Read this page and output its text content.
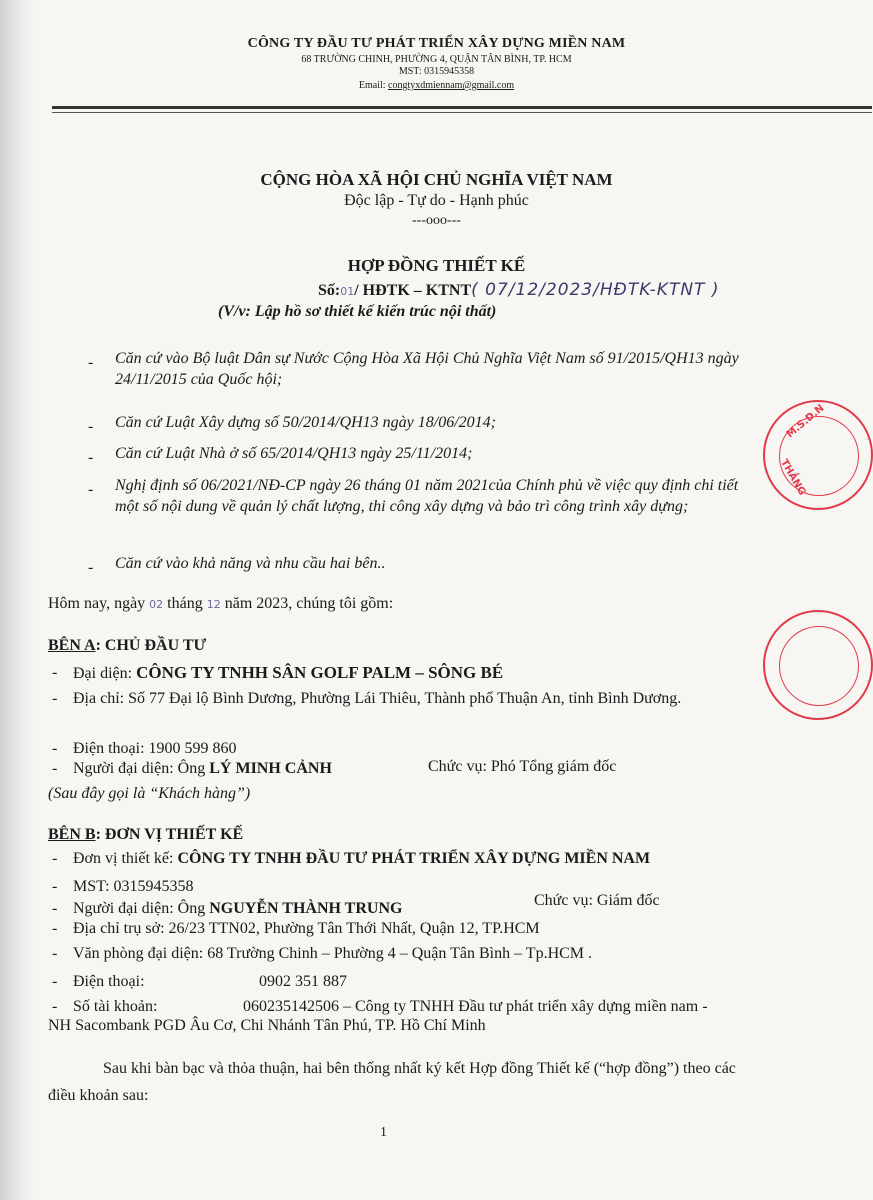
CÔNG TY ĐẦU TƯ PHÁT TRIỂN XÂY DỰNG MIỀN NAM
68 TRƯỜNG CHINH, PHƯỜNG 4, QUẬN TÂN BÌNH, TP. HCM
MST: 0315945358
Email: congtyxdmiennam@gmail.com
CỘNG HÒA XÃ HỘI CHỦ NGHĨA VIỆT NAM
Độc lập - Tự do - Hạnh phúc
---ooo---
HỢP ĐỒNG THIẾT KẾ
Số:01/ HĐTK – KTNT( 07/12/2023/HĐTK-KTNT )
(V/v: Lập hồ sơ thiết kế kiến trúc nội thất)
- Căn cứ vào Bộ luật Dân sự Nước Cộng Hòa Xã Hội Chủ Nghĩa Việt Nam số 91/2015/QH13 ngày 24/11/2015 của Quốc hội;
- Căn cứ Luật Xây dựng số 50/2014/QH13 ngày 18/06/2014;
- Căn cứ Luật Nhà ở số 65/2014/QH13 ngày 25/11/2014;
- Nghị định số 06/2021/NĐ-CP ngày 26 tháng 01 năm 2021của Chính phủ về việc quy định chi tiết một số nội dung về quản lý chất lượng, thi công xây dựng và bảo trì công trình xây dựng;
- Căn cứ vào khả năng và nhu cầu hai bên..
Hôm nay, ngày 02 tháng 12 năm 2023, chúng tôi gồm:
BÊN A: CHỦ ĐẦU TƯ
- Đại diện: CÔNG TY TNHH SÂN GOLF PALM – SÔNG BÉ
- Địa chỉ: Số 77 Đại lộ Bình Dương, Phường Lái Thiêu, Thành phố Thuận An, tỉnh Bình Dương.
- Điện thoại: 1900 599 860
- Người đại diện: Ông LÝ MINH CẢNH	Chức vụ: Phó Tổng giám đốc
(Sau đây gọi là “Khách hàng”)
BÊN B: ĐƠN VỊ THIẾT KẾ
- Đơn vị thiết kế: CÔNG TY TNHH ĐẦU TƯ PHÁT TRIỂN XÂY DỰNG MIỀN NAM
- MST: 0315945358
- Người đại diện: Ông NGUYỄN THÀNH TRUNG	Chức vụ: Giám đốc
- Địa chỉ trụ sở: 26/23 TTN02, Phường Tân Thới Nhất, Quận 12, TP.HCM
- Văn phòng đại diện: 68 Trường Chinh – Phường 4 – Quận Tân Bình – Tp.HCM .
- Điện thoại:	0902 351 887
- Số tài khoản:	060235142506 – Công ty TNHH Đầu tư phát triển xây dựng miền nam -
NH Sacombank PGD Âu Cơ, Chi Nhánh Tân Phú, TP. Hồ Chí Minh
Sau khi bàn bạc và thỏa thuận, hai bên thống nhất ký kết Hợp đồng Thiết kế (“hợp đồng”) theo các điều khoản sau:
1
M.S.D.N
THẮNG
